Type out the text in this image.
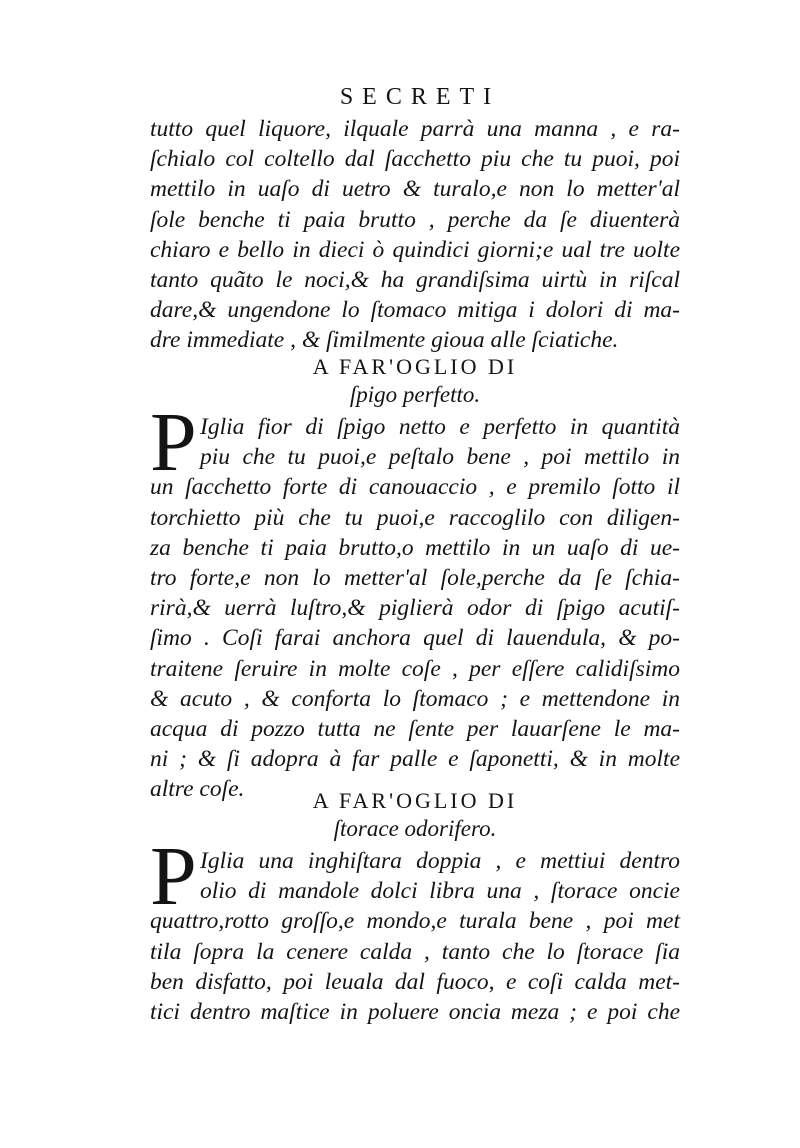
SECRETI
tutto quel liquore, ilquale parrà una manna , e ra-
ſchialo col coltello dal ſacchetto piu che tu puoi, poi
mettilo in uaſo di uetro & turalo,e non lo metter'al
ſole benche ti paia brutto , perche da ſe diuenterà
chiaro e bello in dieci ò quindici giorni;e ual tre uolte
tanto quãto le noci,& ha grandiſsima uirtù in riſcal
dare,& ungendone lo ſtomaco mitiga i dolori di ma-
dre immediate , & ſimilmente gioua alle ſciatiche.
A FAR'OGLIO DI
ſpigo perfetto.
P Iglia fior di ſpigo netto e perfetto in quantità
piu che tu puoi,e peſtalo bene , poi mettilo in
un ſacchetto forte di canouaccio , e premilo ſotto il
torchietto più che tu puoi,e raccoglilo con diligen-
za benche ti paia brutto,o mettilo in un uaſo di ue-
tro forte,e non lo metter'al ſole,perche da ſe ſchia-
rirà,& uerrà luſtro,& piglierà odor di ſpigo acutiſ-
ſimo . Coſi farai anchora quel di lauendula, & po-
traitene ſeruire in molte coſe , per eſſere calidiſsimo
& acuto , & conforta lo ſtomaco ; e mettendone in
acqua di pozzo tutta ne ſente per lauarſene le ma-
ni ; & ſi adopra à far palle e ſaponetti, & in molte
altre coſe.	A FAR'OGLIO DI
ſtorace odorifero.
P Iglia una inghiſtara doppia , e mettiui dentro
olio di mandole dolci libra una , ſtorace oncie
quattro,rotto groſſo,e mondo,e turala bene , poi met
tila ſopra la cenere calda , tanto che lo ſtorace ſia
ben disfatto, poi leuala dal fuoco, e coſi calda met-
tici dentro maſtice in poluere oncia meza ; e poi che
